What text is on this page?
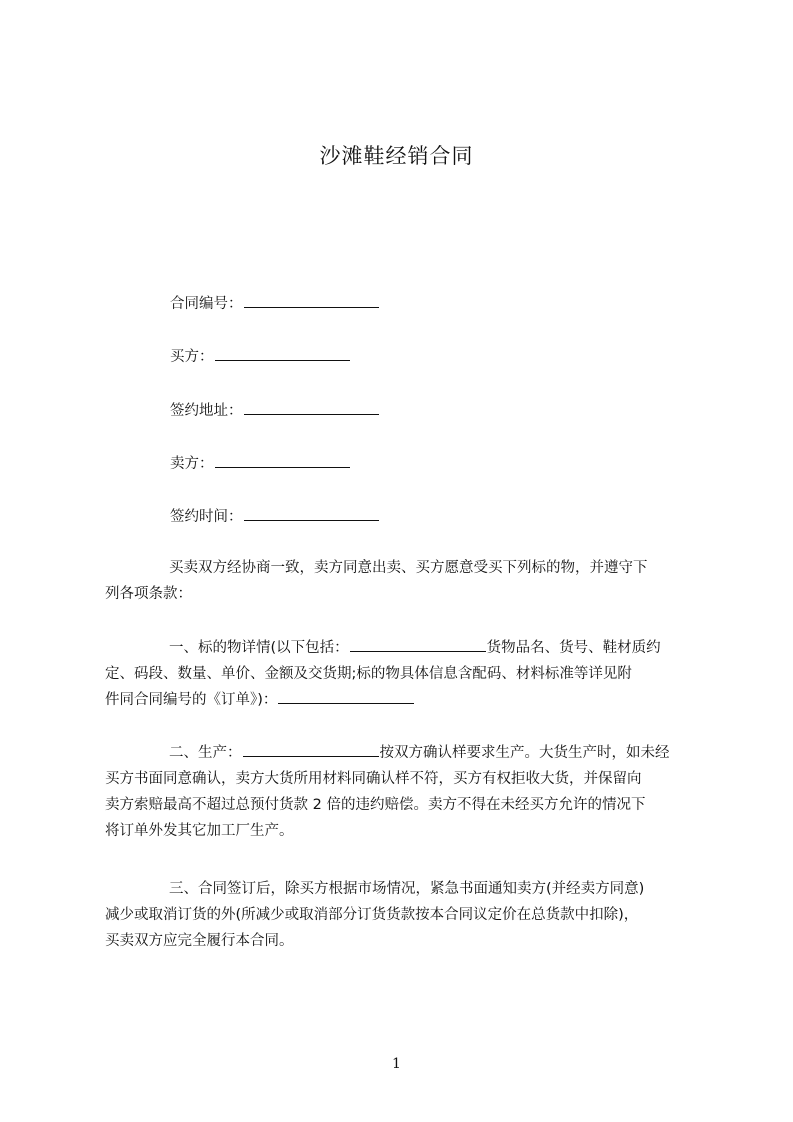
沙滩鞋经销合同
合同编号：
买方：
签约地址：
卖方：
签约时间：
买卖双方经协商一致，卖方同意出卖、买方愿意受买下列标的物，并遵守下
列各项条款：
一、标的物详情(以下包括：	货物品名、货号、鞋材质约
定、码段、数量、单价、金额及交货期;标的物具体信息含配码、材料标准等详见附
件同合同编号的《订单》)：
二、生产：	按双方确认样要求生产。大货生产时，如未经
买方书面同意确认，卖方大货所用材料同确认样不符，买方有权拒收大货，并保留向
卖方索赔最高不超过总预付货款 2 倍的违约赔偿。卖方不得在未经买方允许的情况下
将订单外发其它加工厂生产。
三、合同签订后，除买方根据市场情况，紧急书面通知卖方(并经卖方同意)
减少或取消订货的外(所减少或取消部分订货货款按本合同议定价在总货款中扣除)，
买卖双方应完全履行本合同。
1
